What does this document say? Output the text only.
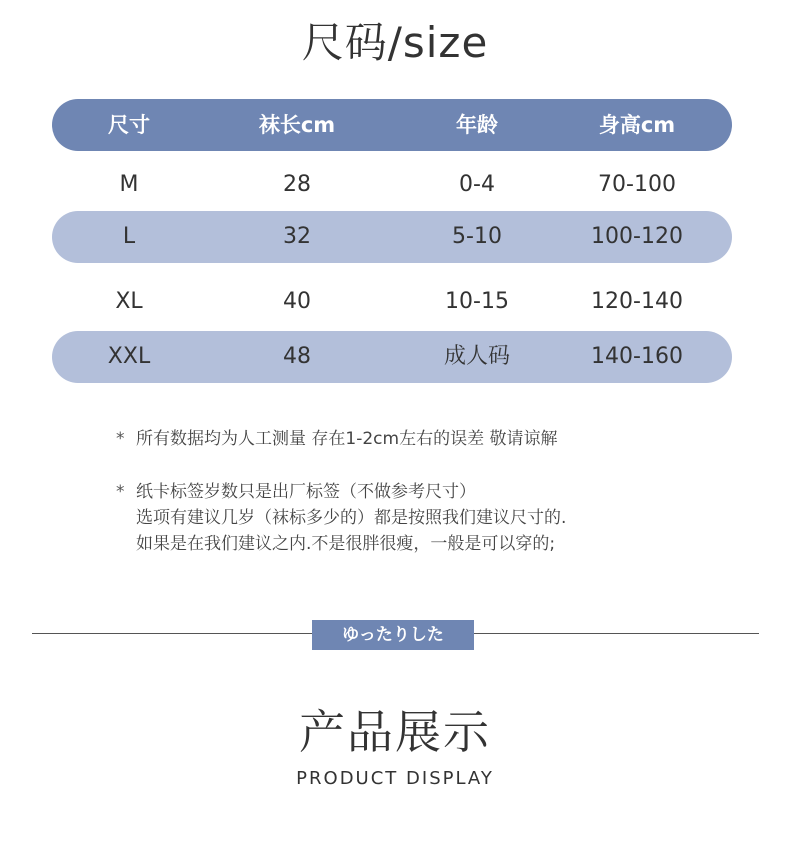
尺码/size
尺寸	袜长cm	年龄	身高cm
M	28	0-4	70-100
L	32	5-10	100-120
XL	40	10-15	120-140
XXL	48	成人码	140-160
* 所有数据均为人工测量 存在1-2cm左右的误差 敬请谅解
* 纸卡标签岁数只是出厂标签（不做参考尺寸）
选项有建议几岁（袜标多少的）都是按照我们建议尺寸的.
如果是在我们建议之内.不是很胖很瘦，一般是可以穿的;
ゆったりした
产品展示
PRODUCT DISPLAY
